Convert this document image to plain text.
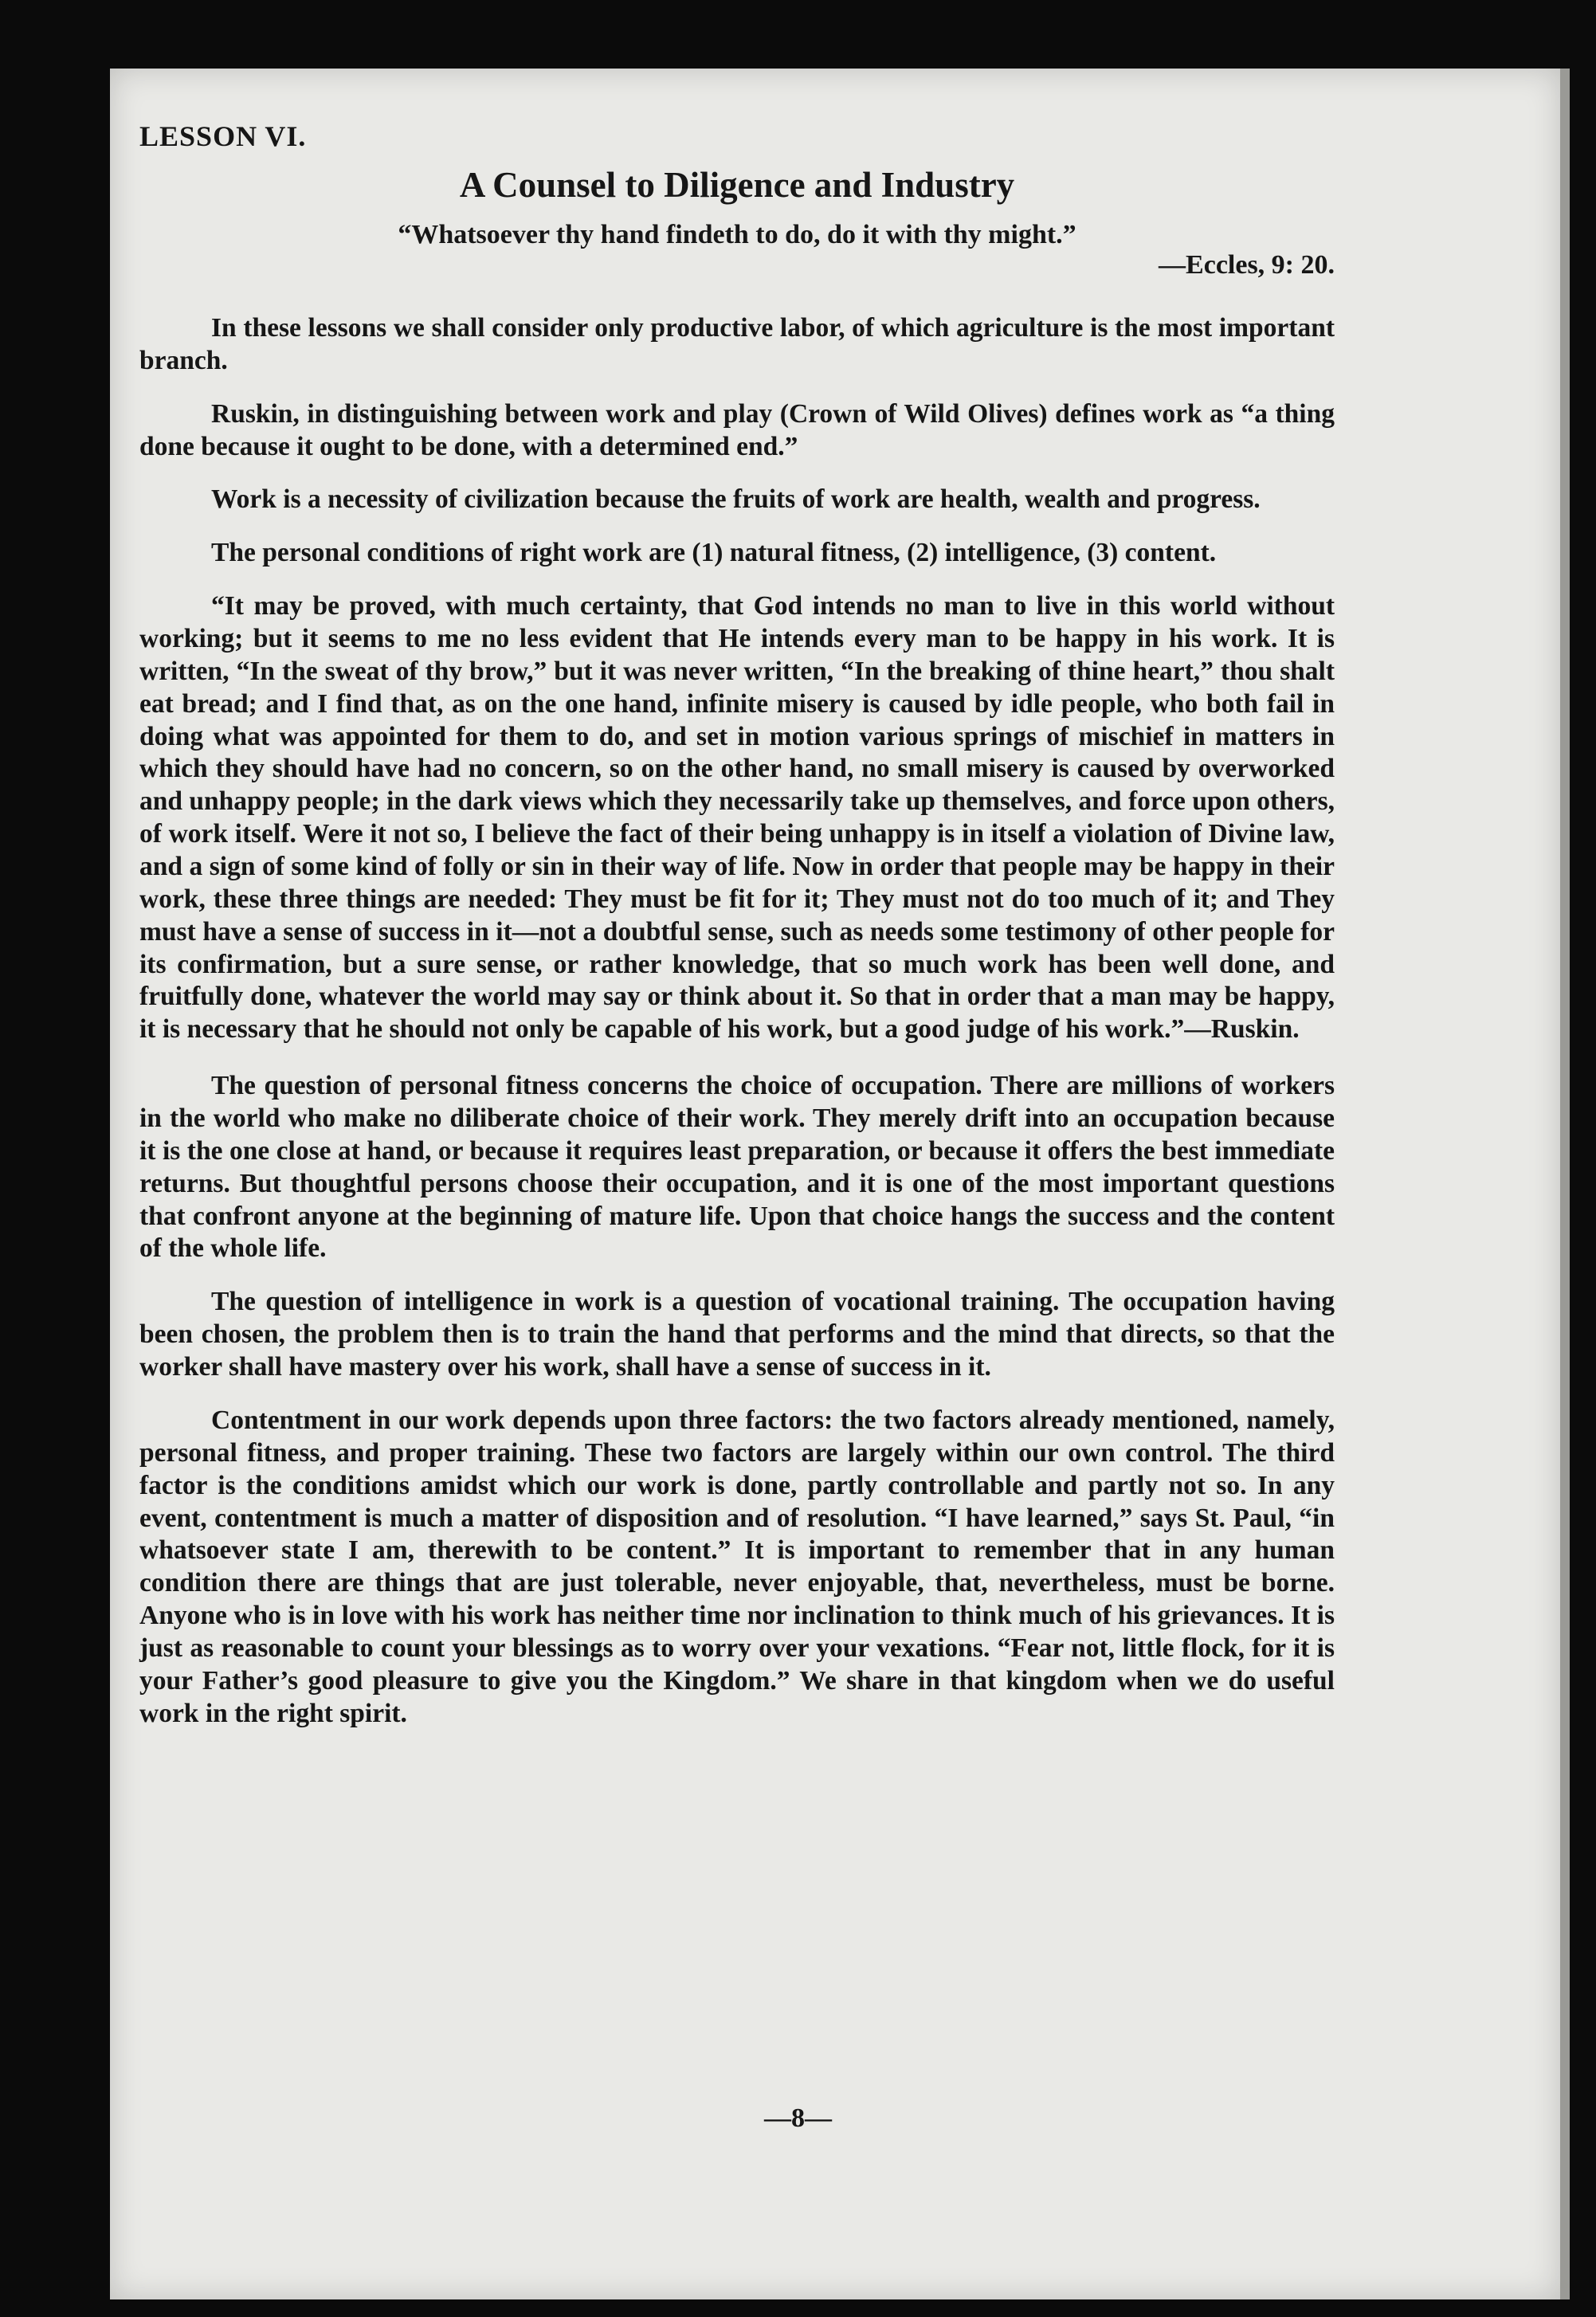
LESSON VI.
A Counsel to Diligence and Industry
“Whatsoever thy hand findeth to do, do it with thy might.”
—Eccles, 9: 20.

In these lessons we shall consider only productive labor, of which agriculture is the most important branch.

Ruskin, in distinguishing between work and play (Crown of Wild Olives) defines work as “a thing done because it ought to be done, with a determined end.”

Work is a necessity of civilization because the fruits of work are health, wealth and progress.

The personal conditions of right work are (1) natural fitness, (2) intelligence, (3) content.

“It may be proved, with much certainty, that God intends no man to live in this world without working; but it seems to me no less evident that He intends every man to be happy in his work. It is written, “In the sweat of thy brow,” but it was never written, “In the breaking of thine heart,” thou shalt eat bread; and I find that, as on the one hand, infinite misery is caused by idle people, who both fail in doing what was appointed for them to do, and set in motion various springs of mischief in matters in which they should have had no concern, so on the other hand, no small misery is caused by overworked and unhappy people; in the dark views which they necessarily take up themselves, and force upon others, of work itself. Were it not so, I believe the fact of their being unhappy is in itself a violation of Divine law, and a sign of some kind of folly or sin in their way of life. Now in order that people may be happy in their work, these three things are needed: They must be fit for it; They must not do too much of it; and They must have a sense of success in it—not a doubtful sense, such as needs some testimony of other people for its confirmation, but a sure sense, or rather knowledge, that so much work has been well done, and fruitfully done, whatever the world may say or think about it. So that in order that a man may be happy, it is necessary that he should not only be capable of his work, but a good judge of his work.”—Ruskin.

The question of personal fitness concerns the choice of occupation. There are millions of workers in the world who make no diliberate choice of their work. They merely drift into an occupation because it is the one close at hand, or because it requires least preparation, or because it offers the best immediate returns. But thoughtful persons choose their occupation, and it is one of the most important questions that confront anyone at the beginning of mature life. Upon that choice hangs the success and the content of the whole life.

The question of intelligence in work is a question of vocational training. The occupation having been chosen, the problem then is to train the hand that performs and the mind that directs, so that the worker shall have mastery over his work, shall have a sense of success in it.

Contentment in our work depends upon three factors: the two factors already mentioned, namely, personal fitness, and proper training. These two factors are largely within our own control. The third factor is the conditions amidst which our work is done, partly controllable and partly not so. In any event, contentment is much a matter of disposition and of resolution. “I have learned,” says St. Paul, “in whatsoever state I am, therewith to be content.” It is important to remember that in any human condition there are things that are just tolerable, never enjoyable, that, nevertheless, must be borne. Anyone who is in love with his work has neither time nor inclination to think much of his grievances. It is just as reasonable to count your blessings as to worry over your vexations. “Fear not, little flock, for it is your Father’s good pleasure to give you the Kingdom.” We share in that kingdom when we do useful work in the right spirit.

—8—
